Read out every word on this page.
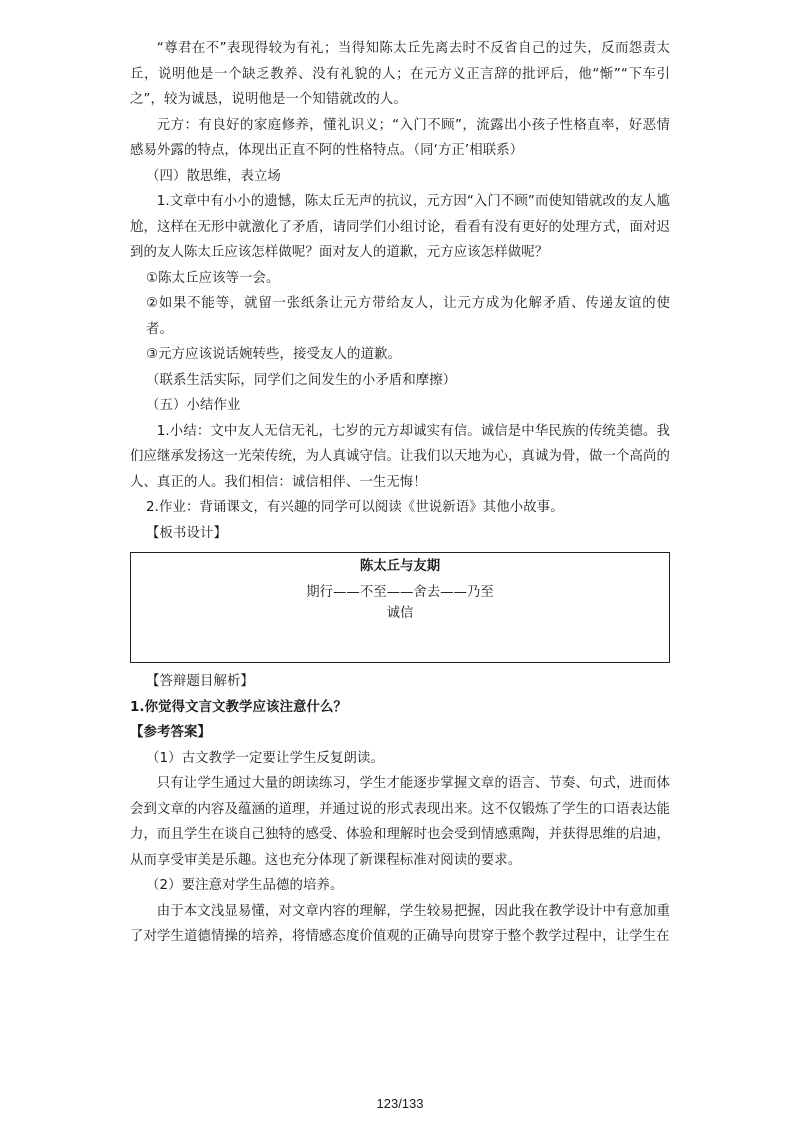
“尊君在不”表现得较为有礼；当得知陈太丘先离去时不反省自己的过失，反而怨责太丘，说明他是一个缺乏教养、没有礼貌的人；在元方义正言辞的批评后，他“惭”“下车引之”，较为诚恳，说明他是一个知错就改的人。

元方：有良好的家庭修养，懂礼识义；“入门不顾”，流露出小孩子性格直率，好恶情感易外露的特点，体现出正直不阿的性格特点。（同‘方正’相联系）

（四）散思维，表立场

1.文章中有小小的遗憾，陈太丘无声的抗议，元方因“入门不顾”而使知错就改的友人尴尬，这样在无形中就激化了矛盾，请同学们小组讨论，看看有没有更好的处理方式，面对迟到的友人陈太丘应该怎样做呢？面对友人的道歉，元方应该怎样做呢？

①陈太丘应该等一会。

②如果不能等，就留一张纸条让元方带给友人，让元方成为化解矛盾、传递友谊的使者。

③元方应该说话婉转些，接受友人的道歉。

（联系生活实际，同学们之间发生的小矛盾和摩擦）

（五）小结作业

1.小结：文中友人无信无礼，七岁的元方却诚实有信。诚信是中华民族的传统美德。我们应继承发扬这一光荣传统，为人真诚守信。让我们以天地为心，真诚为骨，做一个高尚的人、真正的人。我们相信：诚信相伴、一生无悔！

2.作业：背诵课文，有兴趣的同学可以阅读《世说新语》其他小故事。

【板书设计】

陈太丘与友期
期行——不至——舍去——乃至
诚信

【答辩题目解析】

1.你觉得文言文教学应该注意什么？

【参考答案】

（1）古文教学一定要让学生反复朗读。

只有让学生通过大量的朗读练习，学生才能逐步掌握文章的语言、节奏、句式，进而体会到文章的内容及蕴涵的道理，并通过说的形式表现出来。这不仅锻炼了学生的口语表达能力，而且学生在谈自己独特的感受、体验和理解时也会受到情感熏陶，并获得思维的启迪，从而享受审美是乐趣。这也充分体现了新课程标准对阅读的要求。

（2）要注意对学生品德的培养。

由于本文浅显易懂，对文章内容的理解，学生较易把握，因此我在教学设计中有意加重了对学生道德情操的培养，将情感态度价值观的正确导向贯穿于整个教学过程中，让学生在

123/133
